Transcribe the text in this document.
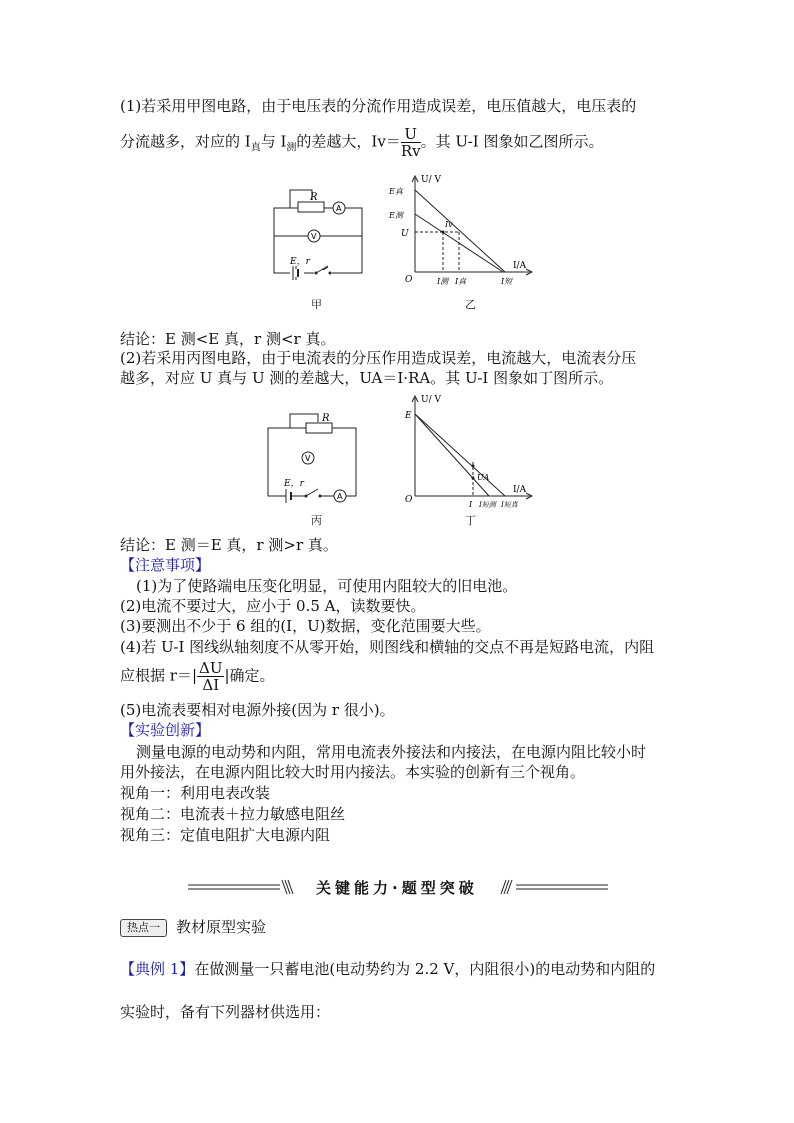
(1)若采用甲图电路，由于电压表的分流作用造成误差，电压值越大，电压表的
分流越多，对应的 $I_真$与 $I_测$的差越大，$Iv= \frac{U}{Rv}$ 。其 U-I 图象如乙图所示。
R
A
V
E，r
甲
U/ V
I/A
O
E真
E测
U
Iv
I测 I真	I短
乙
结论：E 测<E 真，r 测<r 真。
(2)若采用丙图电路，由于电流表的分压作用造成误差，电流越大，电流表分压
越多，对应 U 真与 U 测的差越大，UA＝I·RA。其 U-I 图象如丁图所示。
R
V
A
E，r
丙
U/ V
I/A
O
E
UA
I I短测 I短真
丁
结论：E 测＝E 真，r 测>r 真。
【注意事项】
(1)为了使路端电压变化明显，可使用内阻较大的旧电池。
(2)电流不要过大，应小于 0.5 A，读数要快。
(3)要测出不少于 6 组的(I，U)数据，变化范围要大些。
(4)若 U-I 图线纵轴刻度不从零开始，则图线和横轴的交点不再是短路电流，内阻
应根据 $r=| \frac{\Delta U}{\Delta I}$ |确定。
(5)电流表要相对电源外接(因为 r 很小)。
【实验创新】
测量电源的电动势和内阻，常用电流表外接法和内接法，在电源内阻比较小时
用外接法，在电源内阻比较大时用内接法。本实验的创新有三个视角。
视角一：利用电表改装
视角二：电流表＋拉力敏感电阻丝
视角三：定值电阻扩大电源内阻
关键能力·题型突破
热点一	教材原型实验
【典例 1】在做测量一只蓄电池(电动势约为 2.2 V，内阻很小)的电动势和内阻的
实验时，备有下列器材供选用：
